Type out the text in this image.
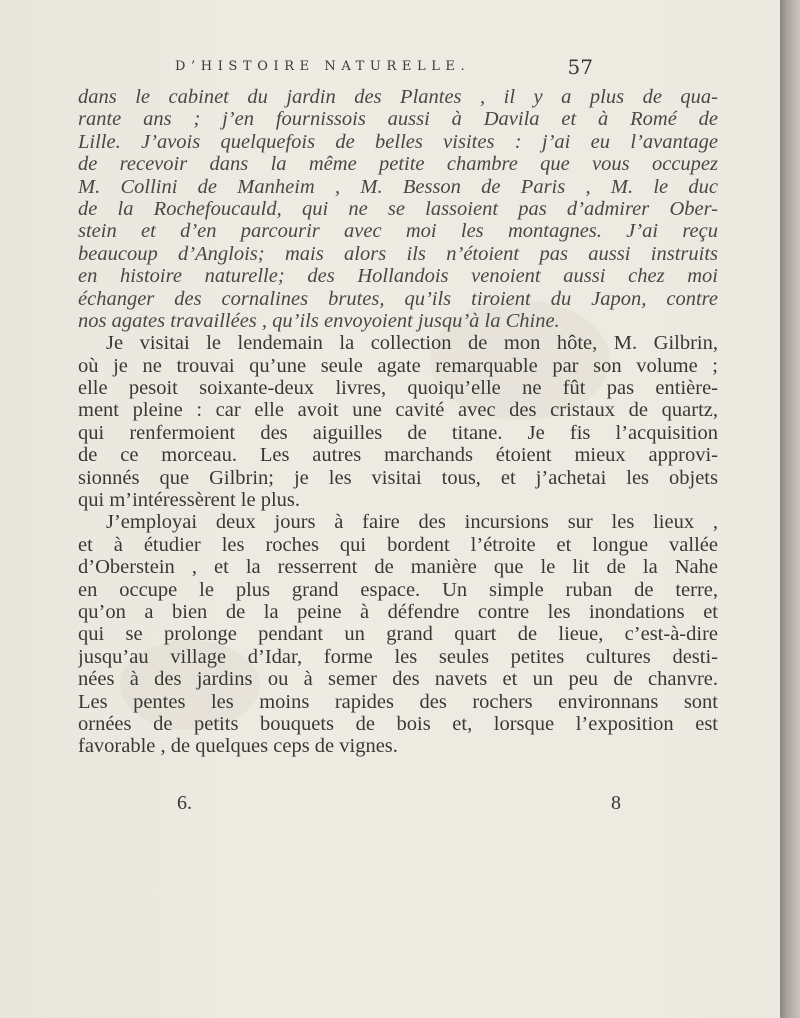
D’HISTOIRE NATURELLE.	57
dans le cabinet du jardin des Plantes , il y a plus de qua-
rante ans ; j’en fournissois aussi à Davila et à Romé de
Lille. J’avois quelquefois de belles visites : j’ai eu l’avantage
de recevoir dans la même petite chambre que vous occupez
M. Collini de Manheim , M. Besson de Paris , M. le duc
de la Rochefoucauld, qui ne se lassoient pas d’admirer Ober-
stein et d’en parcourir avec moi les montagnes. J’ai reçu
beaucoup d’Anglois; mais alors ils n’étoient pas aussi instruits
en histoire naturelle; des Hollandois venoient aussi chez moi
échanger des cornalines brutes, qu’ils tiroient du Japon, contre
nos agates travaillées , qu’ils envoyoient jusqu’à la Chine.
Je visitai le lendemain la collection de mon hôte, M. Gilbrin,
où je ne trouvai qu’une seule agate remarquable par son volume ;
elle pesoit soixante-deux livres, quoiqu’elle ne fût pas entière-
ment pleine : car elle avoit une cavité avec des cristaux de quartz,
qui renfermoient des aiguilles de titane. Je fis l’acquisition
de ce morceau. Les autres marchands étoient mieux approvi-
sionnés que Gilbrin; je les visitai tous, et j’achetai les objets
qui m’intéressèrent le plus.
J’employai deux jours à faire des incursions sur les lieux ,
et à étudier les roches qui bordent l’étroite et longue vallée
d’Oberstein , et la resserrent de manière que le lit de la Nahe
en occupe le plus grand espace. Un simple ruban de terre,
qu’on a bien de la peine à défendre contre les inondations et
qui se prolonge pendant un grand quart de lieue, c’est-à-dire
jusqu’au village d’Idar, forme les seules petites cultures desti-
nées à des jardins ou à semer des navets et un peu de chanvre.
Les pentes les moins rapides des rochers environnans sont
ornées de petits bouquets de bois et, lorsque l’exposition est
favorable , de quelques ceps de vignes.
6.	8
